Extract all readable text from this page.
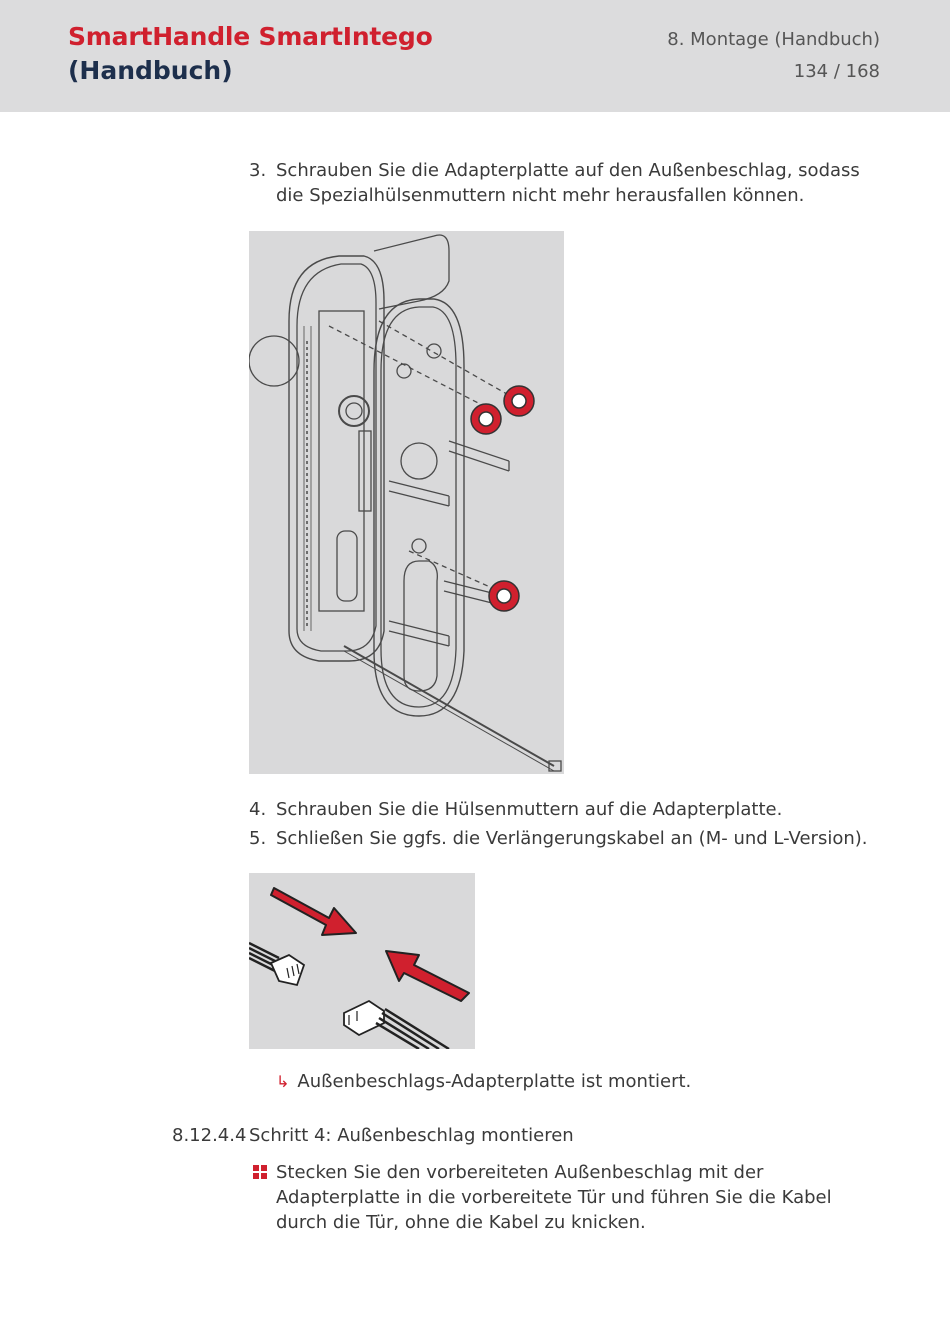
SmartHandle SmartIntego
(Handbuch)
8. Montage (Handbuch)
134 / 168
3. Schrauben Sie die Adapterplatte auf den Außenbeschlag, sodass die Spezialhülsenmuttern nicht mehr herausfallen können.
4. Schrauben Sie die Hülsenmuttern auf die Adapterplatte.
5. Schließen Sie ggfs. die Verlängerungskabel an (M- und L-Version).
↳ Außenbeschlags-Adapterplatte ist montiert.
8.12.4.4 Schritt 4: Außenbeschlag montieren
Stecken Sie den vorbereiteten Außenbeschlag mit der Adapterplatte in die vorbereitete Tür und führen Sie die Kabel durch die Tür, ohne die Kabel zu knicken.
